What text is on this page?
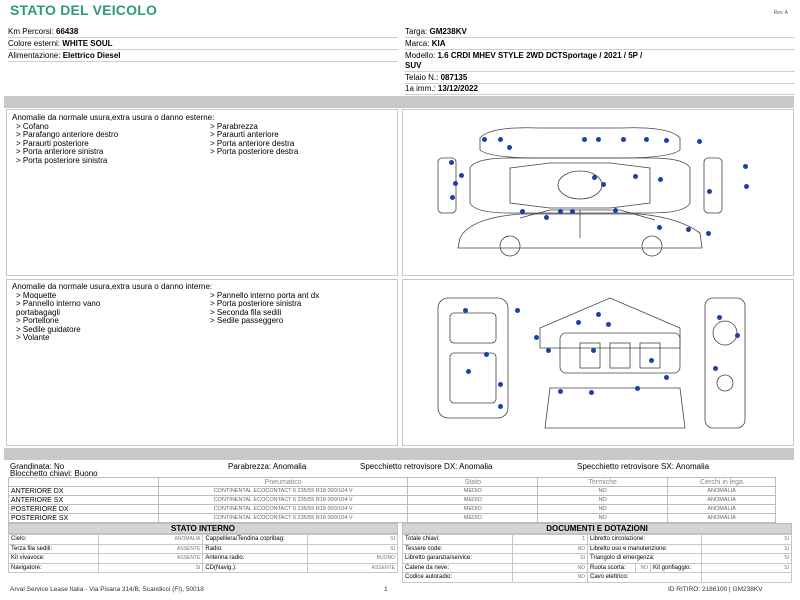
STATO DEL VEICOLO	Rev. A
Km Percorsi: 66438
Colore esterni: WHITE SOUL
Alimentazione: Elettrico Diesel
Targa: GM238KV
Marca: KIA
Modello: 1.6 CRDI MHEV STYLE 2WD DCTSportage / 2021 / 5P /
SUV
Telaio N.: 087135
1a imm.: 13/12/2022
Anomalie da normale usura,extra usura o danno esterne:
> Cofano
> Parafango anteriore destro
> Paraurti posteriore
> Porta anteriore sinistra
> Porta posteriore sinistra
> Parabrezza
> Paraurti anteriore
> Porta anteriore destra
> Porta posteriore destra
Anomalie da normale usura,extra usura o danno interne:
> Moquette
> Pannello interno vano
portabagagli
> Portellone
> Sedile guidatore
> Volante
> Pannello interno porta ant dx
> Porta posteriore sinistra
> Seconda fila sedili
> Sedile passeggero
Grandinata: No
Blocchetto chiavi: Buono
Parabrezza: Anomalia	Specchietto retrovisore DX: Anomalia	Specchietto retrovisore SX: Anomalia
	Pneumatico	Stato	Termiche	Cerchi in lega
ANTERIORE DX	CONTINENTAL ECOCONTACT 6 235/55 R18 000/104 V	MEDIO	NO	ANOMALIA
ANTERIORE SX	CONTINENTAL ECOCONTACT 6 235/55 R18 000/104 V	MEDIO	NO	ANOMALIA
POSTERIORE DX	CONTINENTAL ECOCONTACT 6 235/55 R18 000/104 V	MEDIO	NO	ANOMALIA
POSTERIORE SX	CONTINENTAL ECOCONTACT 6 235/55 R18 000/104 V	MEDIO	NO	ANOMALIA
STATO INTERNO
Cielo:	ANOMALIA	Cappelliera/Tendina copribag:	SI
Terza fila sedili:	ASSENTE	Radio:	SI
Kit vivavoce:	ASSENTE	Antenna radio:	BUONO
Navigatore:	SI	CD(Navig.):	ASSENTE
DOCUMENTI E DOTAZIONI
Totale chiavi:	1	Libretto circolazione:			SI
Tessere code:	NO	Libretto uso e manutenzione:			SI
Libretto garanzia/service:	SI	Triangolo di emergenza:			SI
Catene da neve:	NO	Ruota scorta:	NO	Kit gonfiaggio:	SI
Codice autoradio:	NO	Cavo elettrico:			
Arval Service Lease Italia - Via Pisana 314/B, Scandicci (FI), 50018	1	ID RITIRO: 2186100 | GM238KV
